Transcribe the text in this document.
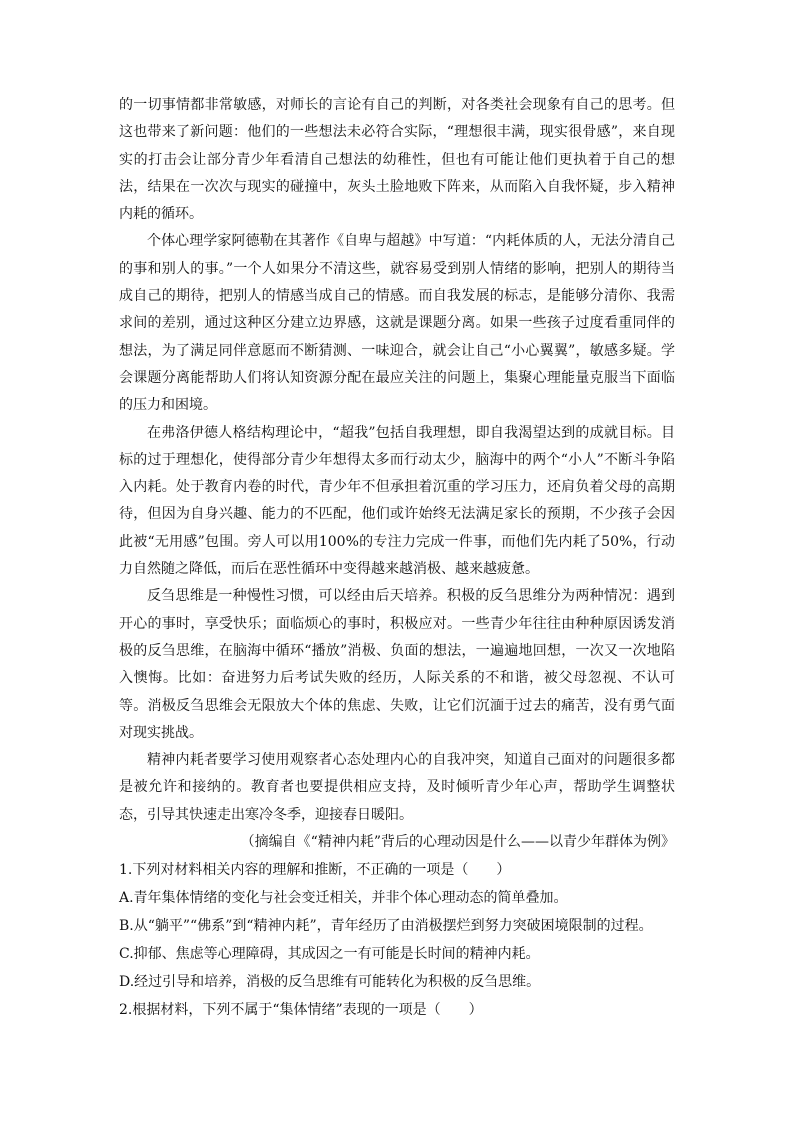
的一切事情都非常敏感，对师长的言论有自己的判断，对各类社会现象有自己的思考。但这也带来了新问题：他们的一些想法未必符合实际，“理想很丰满，现实很骨感”，来自现实的打击会让部分青少年看清自己想法的幼稚性，但也有可能让他们更执着于自己的想法，结果在一次次与现实的碰撞中，灰头土脸地败下阵来，从而陷入自我怀疑，步入精神内耗的循环。

个体心理学家阿德勒在其著作《自卑与超越》中写道：“内耗体质的人，无法分清自己的事和别人的事。”一个人如果分不清这些，就容易受到别人情绪的影响，把别人的期待当成自己的期待，把别人的情感当成自己的情感。而自我发展的标志，是能够分清你、我需求间的差别，通过这种区分建立边界感，这就是课题分离。如果一些孩子过度看重同伴的想法，为了满足同伴意愿而不断猜测、一味迎合，就会让自己“小心翼翼”，敏感多疑。学会课题分离能帮助人们将认知资源分配在最应关注的问题上，集聚心理能量克服当下面临的压力和困境。

在弗洛伊德人格结构理论中，“超我”包括自我理想，即自我渴望达到的成就目标。目标的过于理想化，使得部分青少年想得太多而行动太少，脑海中的两个“小人”不断斗争陷入内耗。处于教育内卷的时代，青少年不但承担着沉重的学习压力，还肩负着父母的高期待，但因为自身兴趣、能力的不匹配，他们或许始终无法满足家长的预期，不少孩子会因此被“无用感”包围。旁人可以用100%的专注力完成一件事，而他们先内耗了50%，行动力自然随之降低，而后在恶性循环中变得越来越消极、越来越疲惫。

反刍思维是一种慢性习惯，可以经由后天培养。积极的反刍思维分为两种情况：遇到开心的事时，享受快乐；面临烦心的事时，积极应对。一些青少年往往由种种原因诱发消极的反刍思维，在脑海中循环“播放”消极、负面的想法，一遍遍地回想，一次又一次地陷入懊悔。比如：奋进努力后考试失败的经历，人际关系的不和谐，被父母忽视、不认可等。消极反刍思维会无限放大个体的焦虑、失败，让它们沉湎于过去的痛苦，没有勇气面对现实挑战。

精神内耗者要学习使用观察者心态处理内心的自我冲突，知道自己面对的问题很多都是被允许和接纳的。教育者也要提供相应支持，及时倾听青少年心声，帮助学生调整状态，引导其快速走出寒冷冬季，迎接春日暖阳。

（摘编自《“精神内耗”背后的心理动因是什么——以青少年群体为例》

1.下列对材料相关内容的理解和推断，不正确的一项是（　　）

A.青年集体情绪的变化与社会变迁相关，并非个体心理动态的简单叠加。

B.从“躺平”“佛系”到“精神内耗”，青年经历了由消极摆烂到努力突破困境限制的过程。

C.抑郁、焦虑等心理障碍，其成因之一有可能是长时间的精神内耗。

D.经过引导和培养，消极的反刍思维有可能转化为积极的反刍思维。

2.根据材料，下列不属于“集体情绪”表现的一项是（　　）
